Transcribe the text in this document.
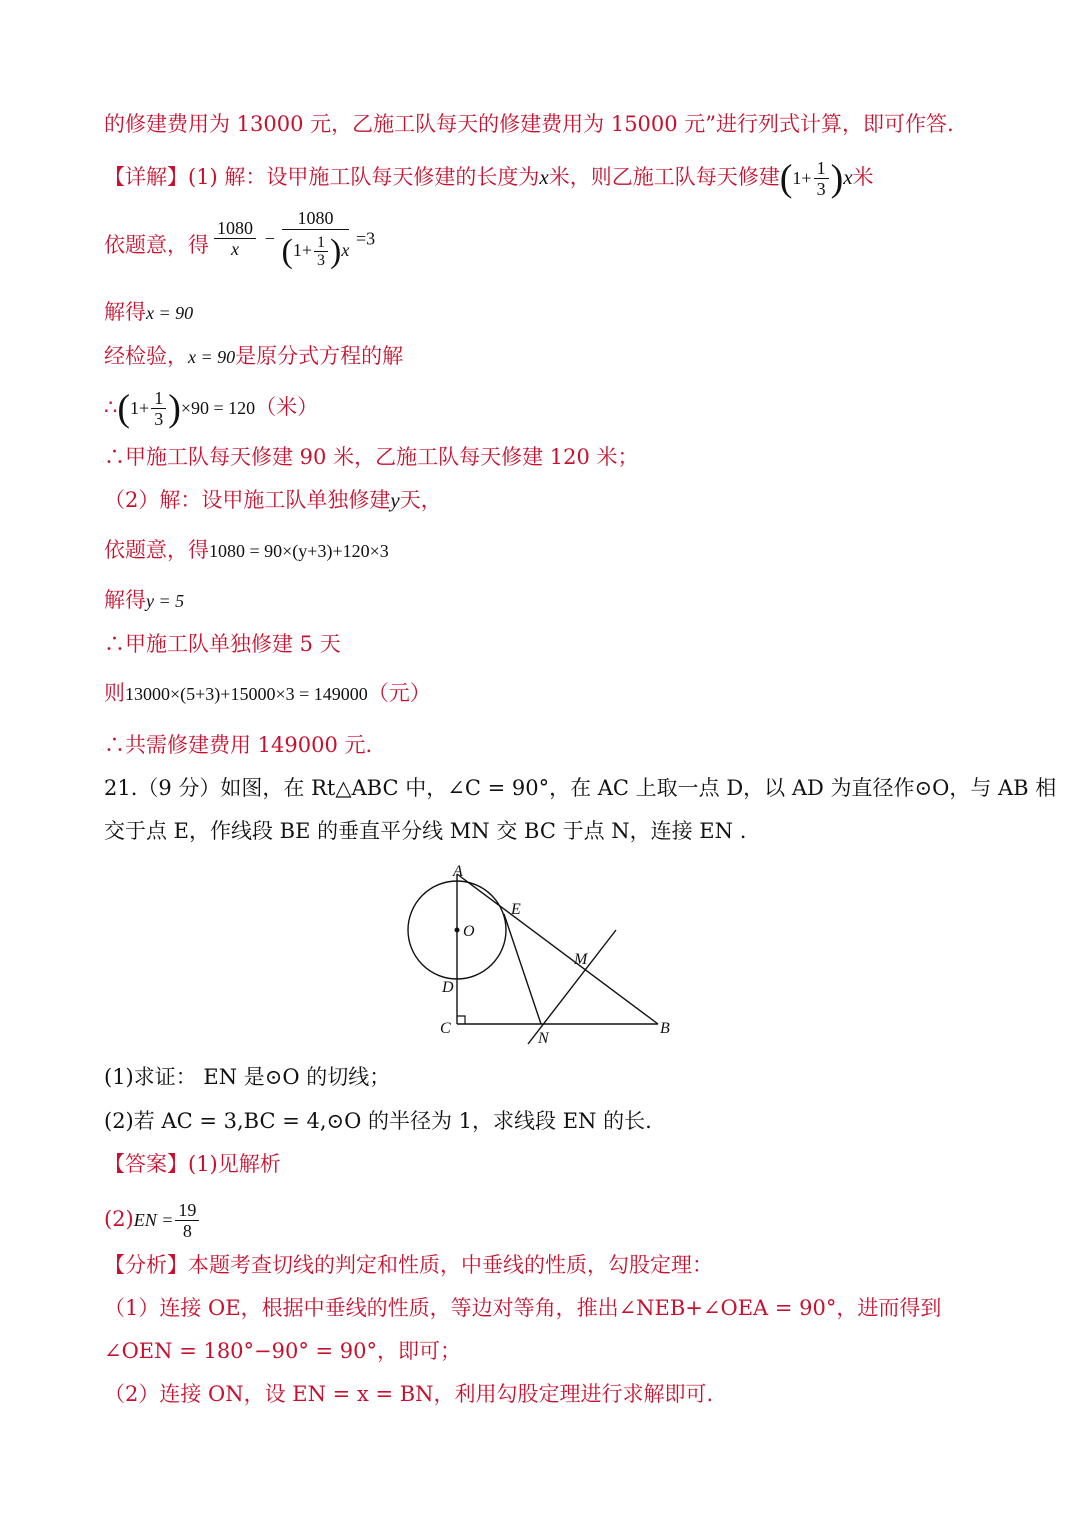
的修建费用为 13000 元，乙施工队每天的修建费用为 15000 元”进行列式计算，即可作答.
【详解】(1) 解：设甲施工队每天修建的长度为x米，则乙施工队每天修建$(1+ \frac{1}{3} )x$米
依题意，得 $\frac{1080}{x} - \frac{1080}{(1+ \frac{1}{3} )x} =3$
解得x = 90
经检验，x = 90是原分式方程的解
∴(1+ $\frac{1}{3} )\times 90 = 120$（米）
∴甲施工队每天修建 90 米，乙施工队每天修建 120 米；
（2）解：设甲施工队单独修建y天，
依题意，得1080 = 90×(y+3)+120×3
解得y = 5
∴甲施工队单独修建 5 天
则13000×(5+3)+15000×3 = 149000（元）
∴共需修建费用 149000 元.
21.（9 分）如图，在 Rt△ABC 中，∠C = 90°，在 AC 上取一点 D，以 AD 为直径作⊙O，与 AB 相
交于点 E，作线段 BE 的垂直平分线 MN 交 BC 于点 N，连接 EN .
A
E
O
M
D
C
N
B
(1)求证： EN 是⊙O 的切线；
(2)若 AC = 3,BC = 4,⊙O 的半径为 1，求线段 EN 的长.
【答案】(1)见解析
$(2)EN = \frac{19}{8}$
【分析】本题考查切线的判定和性质，中垂线的性质，勾股定理：
（1）连接 OE，根据中垂线的性质，等边对等角，推出∠NEB+∠OEA = 90°，进而得到
∠OEN = 180°−90° = 90°，即可；
（2）连接 ON，设 EN = x = BN，利用勾股定理进行求解即可.
